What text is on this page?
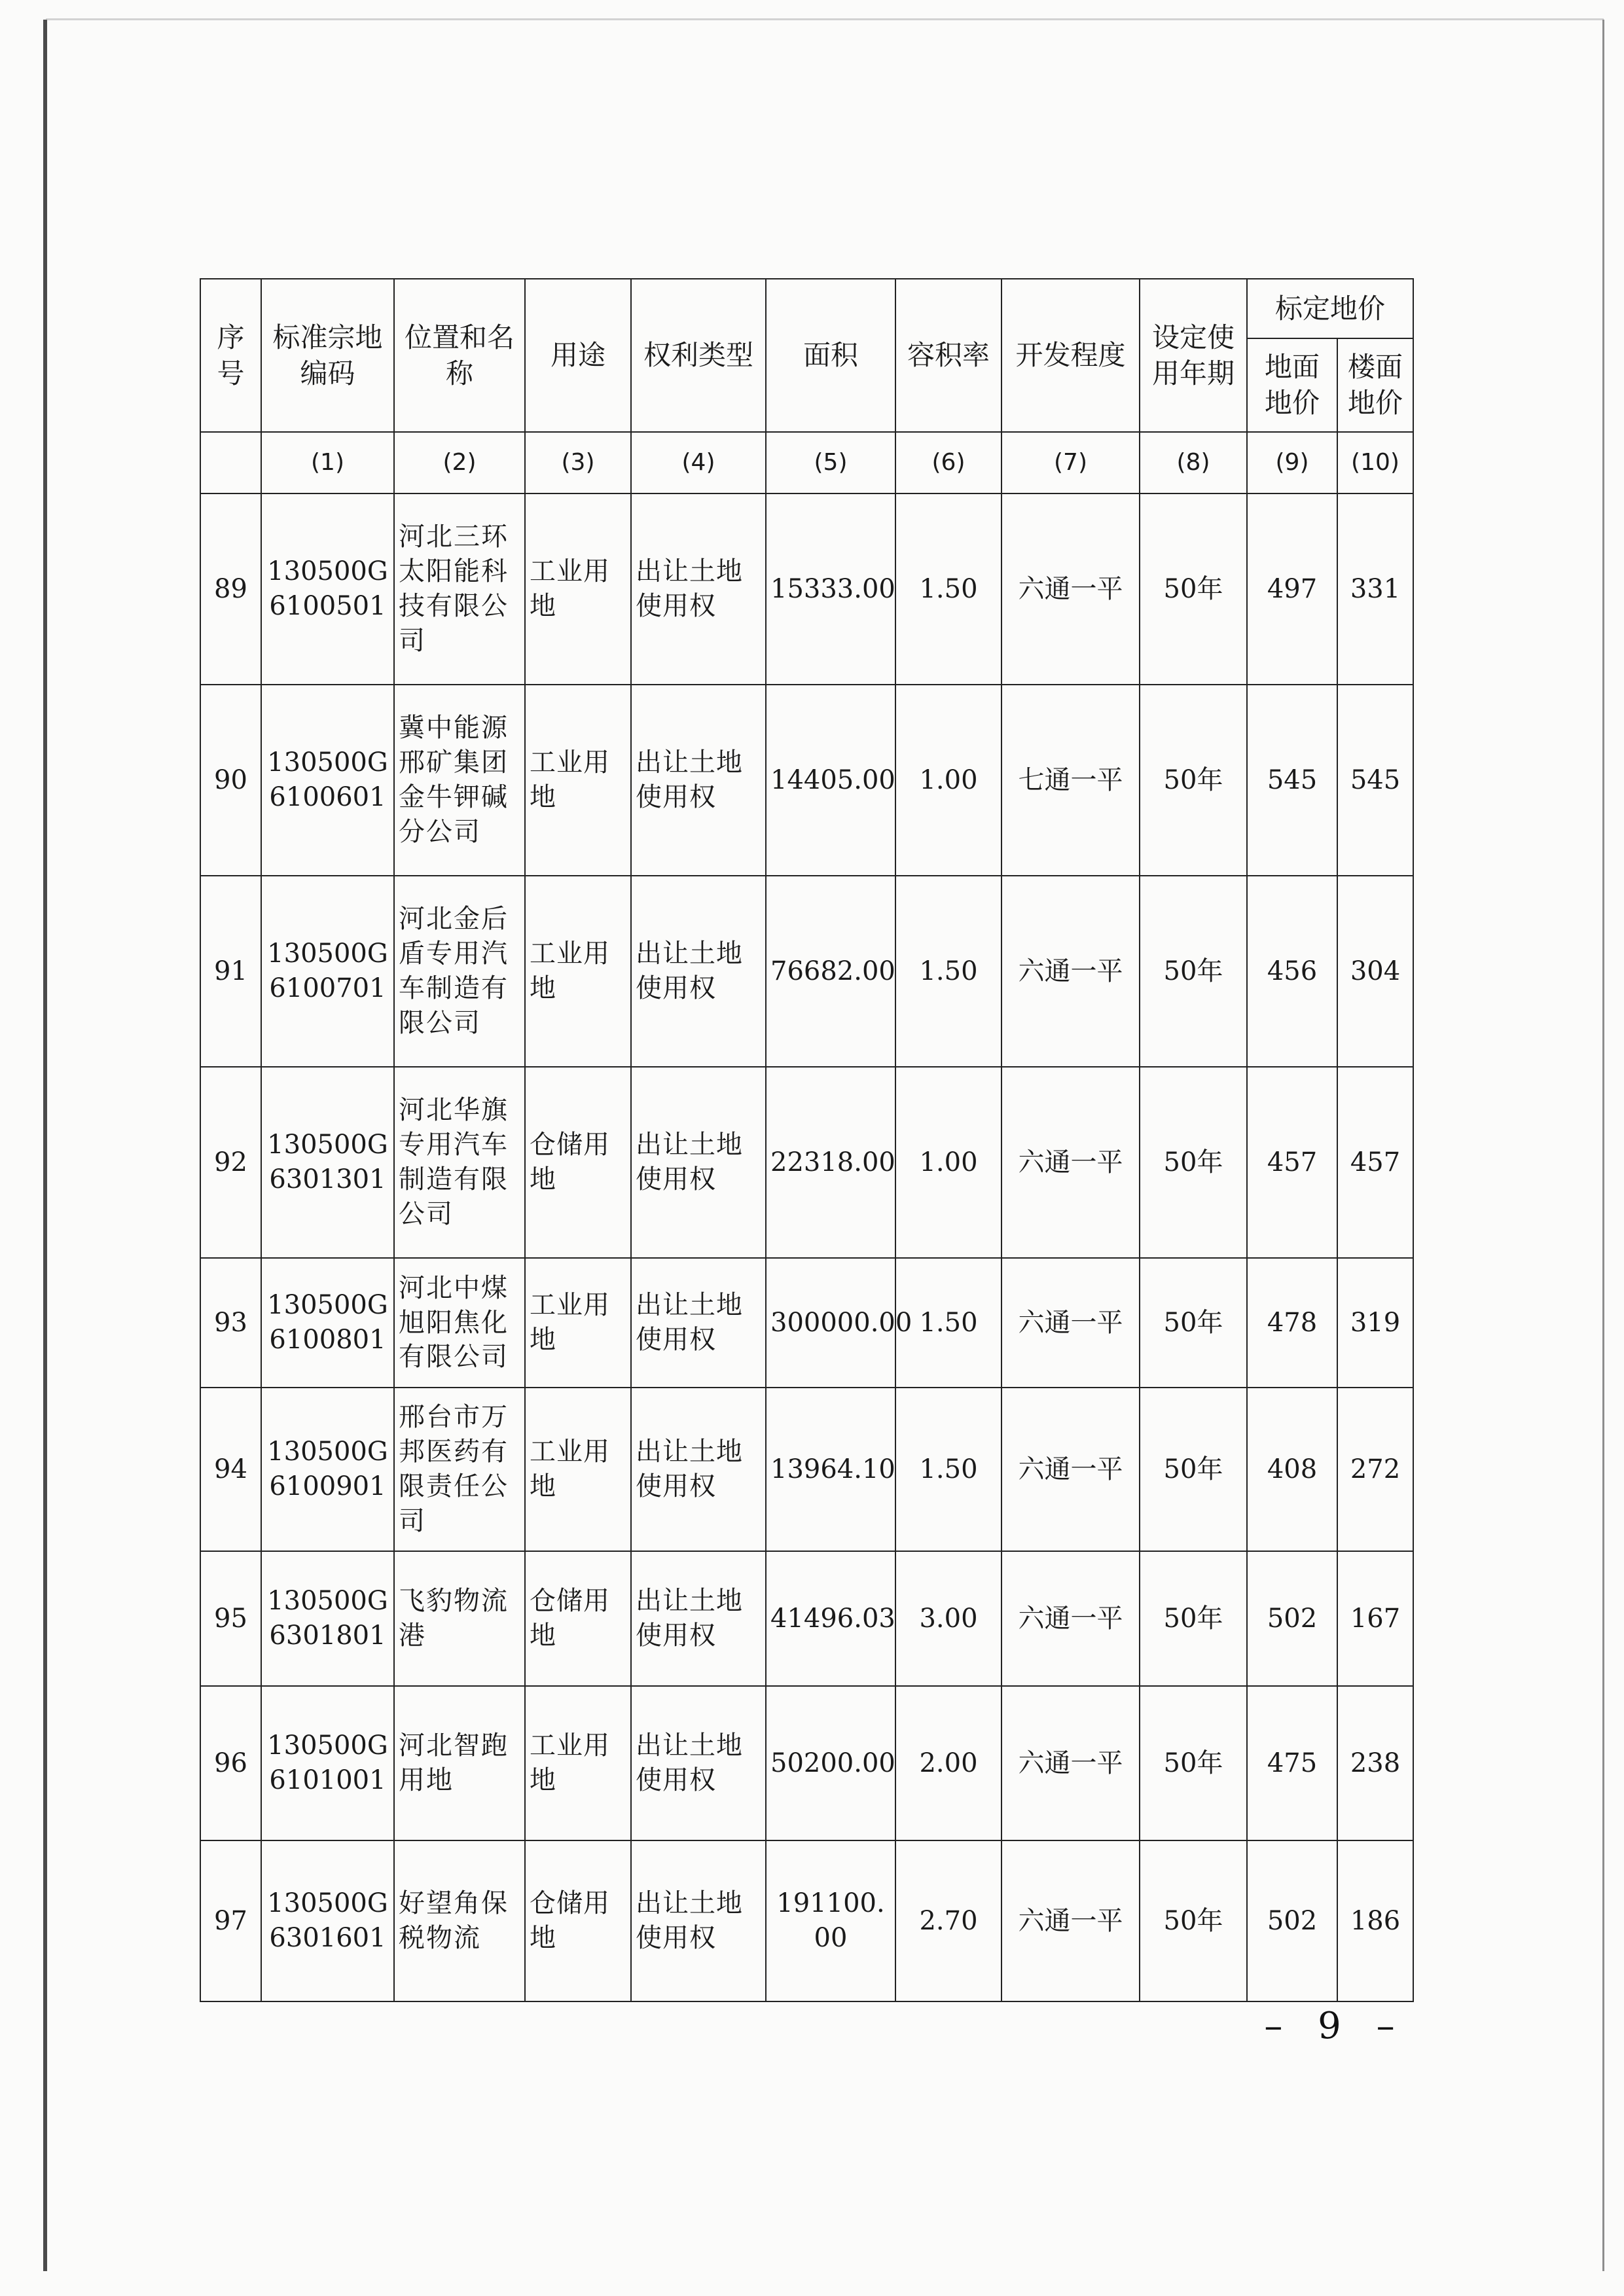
序号	标准宗地编码	位置和名称	用途	权利类型	面积	容积率	开发程度	设定使用年期	标定地价	

									地面地价	楼面地价

	(1)	(2)	(3)	(4)	(5)	(6)	(7)	(8)	(9)	(10)
89	130500G6100501	河北三环太阳能科技有限公司	工业用地	出让土地使用权	15333.00	1.50	六通一平	50年	497	331
90	130500G6100601	冀中能源邢矿集团金牛钾碱分公司	工业用地	出让土地使用权	14405.00	1.00	七通一平	50年	545	545
91	130500G6100701	河北金后盾专用汽车制造有限公司	工业用地	出让土地使用权	76682.00	1.50	六通一平	50年	456	304
92	130500G6301301	河北华旗专用汽车制造有限公司	仓储用地	出让土地使用权	22318.00	1.00	六通一平	50年	457	457
93	130500G6100801	河北中煤旭阳焦化有限公司	工业用地	出让土地使用权	300000.00	1.50	六通一平	50年	478	319
94	130500G6100901	邢台市万邦医药有限责任公司	工业用地	出让土地使用权	13964.10	1.50	六通一平	50年	408	272
95	130500G6301801	飞豹物流港	仓储用地	出让土地使用权	41496.03	3.00	六通一平	50年	502	167
96	130500G6101001	河北智跑用地	工业用地	出让土地使用权	50200.00	2.00	六通一平	50年	475	238
97	130500G6301601	好望角保税物流	仓储用地	出让土地使用权	191100.00	2.70	六通一平	50年	502	186
– 9 –
